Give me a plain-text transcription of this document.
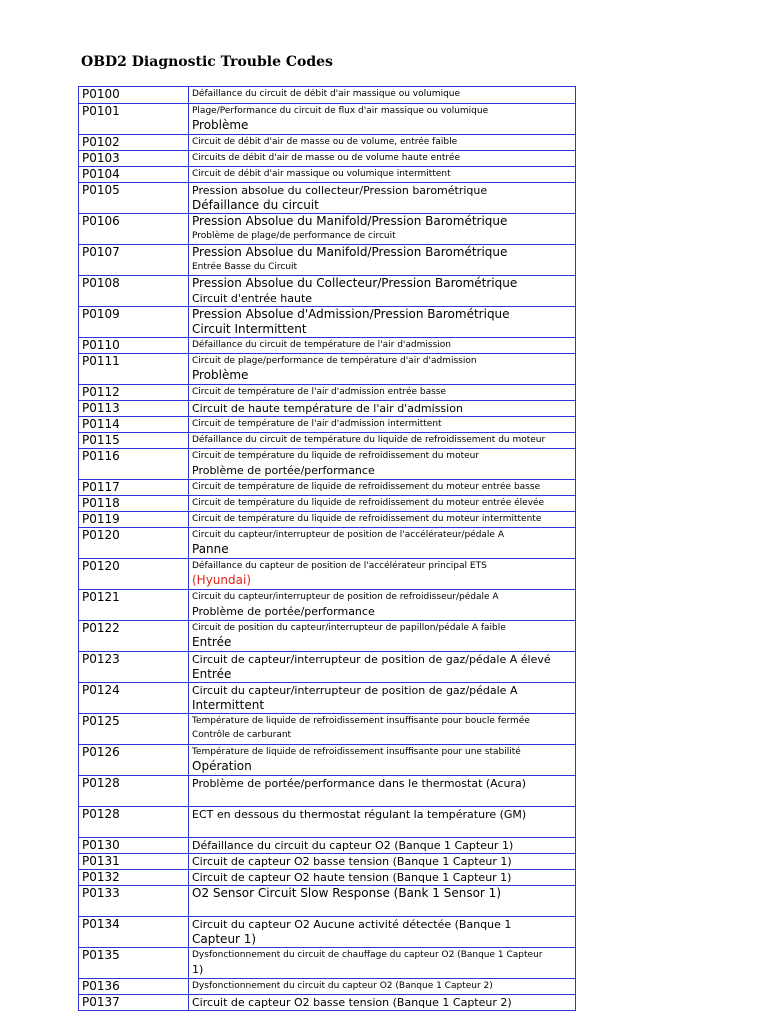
OBD2 Diagnostic Trouble Codes
P0100	Défaillance du circuit de débit d'air massique ou volumique

P0101	Plage/Performance du circuit de flux d'air massique ou volumique
Problème

P0102	Circuit de débit d'air de masse ou de volume, entrée faible

P0103	Circuits de débit d'air de masse ou de volume haute entrée

P0104	Circuit de débit d'air massique ou volumique intermittent

P0105	Pression absolue du collecteur/Pression barométrique
Défaillance du circuit

P0106	Pression Absolue du Manifold/Pression Barométrique
Problème de plage/de performance de circuit

P0107	Pression Absolue du Manifold/Pression Barométrique
Entrée Basse du Circuit

P0108	Pression Absolue du Collecteur/Pression Barométrique
Circuit d'entrée haute

P0109	Pression Absolue d'Admission/Pression Barométrique
Circuit Intermittent

P0110	Défaillance du circuit de température de l'air d'admission

P0111	Circuit de plage/performance de température d'air d'admission
Problème

P0112	Circuit de température de l'air d'admission entrée basse

P0113	Circuit de haute température de l'air d'admission

P0114	Circuit de température de l'air d'admission intermittent

P0115	Défaillance du circuit de température du liquide de refroidissement du moteur

P0116	Circuit de température du liquide de refroidissement du moteur
Problème de portée/performance

P0117	Circuit de température de liquide de refroidissement du moteur entrée basse

P0118	Circuit de température du liquide de refroidissement du moteur entrée élevée

P0119	Circuit de température du liquide de refroidissement du moteur intermittente

P0120	Circuit du capteur/interrupteur de position de l'accélérateur/pédale A
Panne

P0120	Défaillance du capteur de position de l'accélérateur principal ETS
(Hyundai)

P0121	Circuit du capteur/interrupteur de position de refroidisseur/pédale A
Problème de portée/performance

P0122	Circuit de position du capteur/interrupteur de papillon/pédale A faible
Entrée

P0123	Circuit de capteur/interrupteur de position de gaz/pédale A élevé
Entrée

P0124	Circuit du capteur/interrupteur de position de gaz/pédale A
Intermittent

P0125	Température de liquide de refroidissement insuffisante pour boucle fermée
Contrôle de carburant

P0126	Température de liquide de refroidissement insuffisante pour une stabilité
Opération

P0128	Problème de portée/performance dans le thermostat (Acura)

P0128	ECT en dessous du thermostat régulant la température (GM)

P0130	Défaillance du circuit du capteur O2 (Banque 1 Capteur 1)

P0131	Circuit de capteur O2 basse tension (Banque 1 Capteur 1)

P0132	Circuit de capteur O2 haute tension (Banque 1 Capteur 1)

P0133	O2 Sensor Circuit Slow Response (Bank 1 Sensor 1)

P0134	Circuit du capteur O2 Aucune activité détectée (Banque 1
Capteur 1)

P0135	Dysfonctionnement du circuit de chauffage du capteur O2 (Banque 1 Capteur
1)

P0136	Dysfonctionnement du circuit du capteur O2 (Banque 1 Capteur 2)

P0137	Circuit de capteur O2 basse tension (Banque 1 Capteur 2)
